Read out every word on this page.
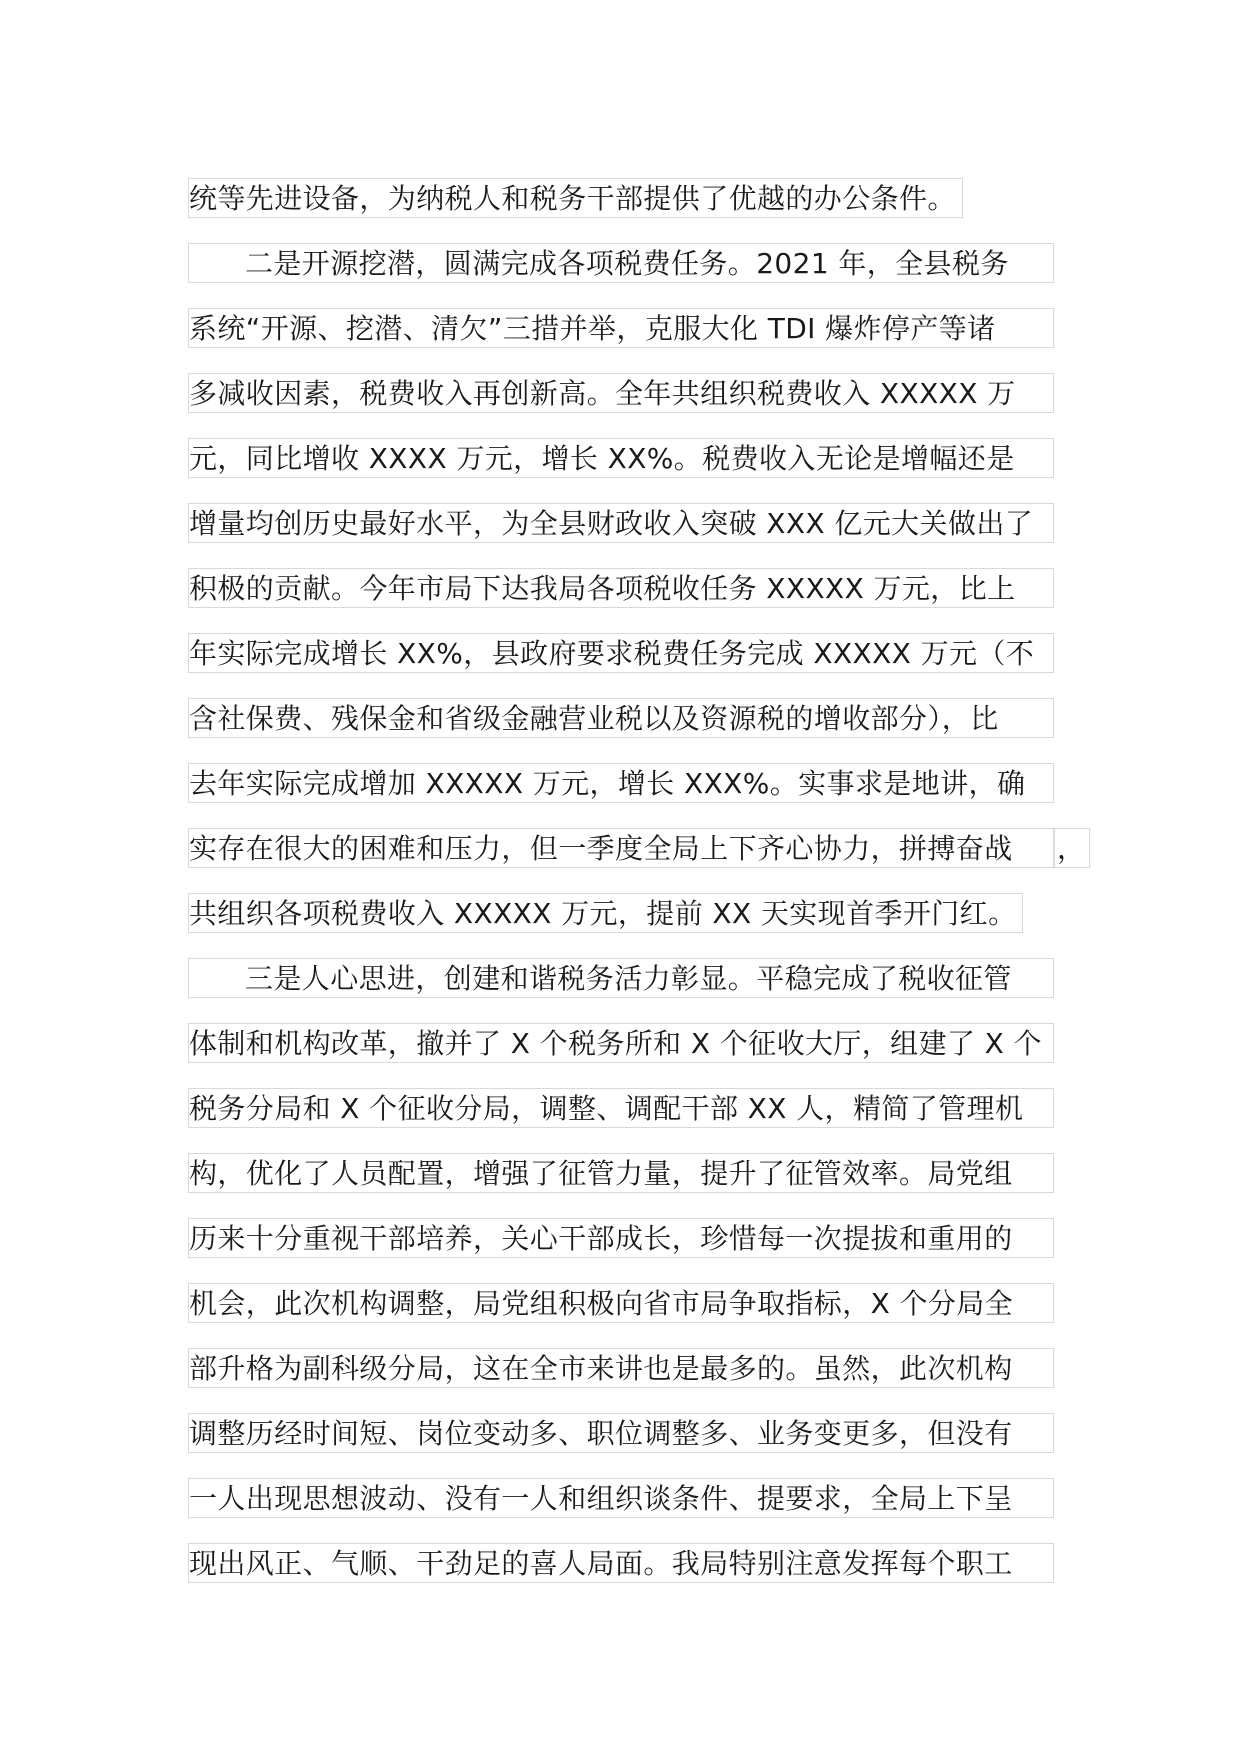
统等先进设备，为纳税人和税务干部提供了优越的办公条件。
二是开源挖潜，圆满完成各项税费任务。2021 年，全县税务
系统“开源、挖潜、清欠”三措并举，克服大化 TDI 爆炸停产等诸
多减收因素，税费收入再创新高。全年共组织税费收入 XXXXX 万
元，同比增收 XXXX 万元，增长 XX%。税费收入无论是增幅还是
增量均创历史最好水平，为全县财政收入突破 XXX 亿元大关做出了
积极的贡献。今年市局下达我局各项税收任务 XXXXX 万元，比上
年实际完成增长 XX%，县政府要求税费任务完成 XXXXX 万元（不
含社保费、残保金和省级金融营业税以及资源税的增收部分），比
去年实际完成增加 XXXXX 万元，增长 XXX%。实事求是地讲，确
实存在很大的困难和压力，但一季度全局上下齐心协力，拼搏奋战	，
共组织各项税费收入 XXXXX 万元，提前 XX 天实现首季开门红。
三是人心思进，创建和谐税务活力彰显。平稳完成了税收征管
体制和机构改革，撤并了 X 个税务所和 X 个征收大厅，组建了 X 个
税务分局和 X 个征收分局，调整、调配干部 XX 人，精简了管理机
构，优化了人员配置，增强了征管力量，提升了征管效率。局党组
历来十分重视干部培养，关心干部成长，珍惜每一次提拔和重用的
机会，此次机构调整，局党组积极向省市局争取指标，X 个分局全
部升格为副科级分局，这在全市来讲也是最多的。虽然，此次机构
调整历经时间短、岗位变动多、职位调整多、业务变更多，但没有
一人出现思想波动、没有一人和组织谈条件、提要求，全局上下呈
现出风正、气顺、干劲足的喜人局面。我局特别注意发挥每个职工
